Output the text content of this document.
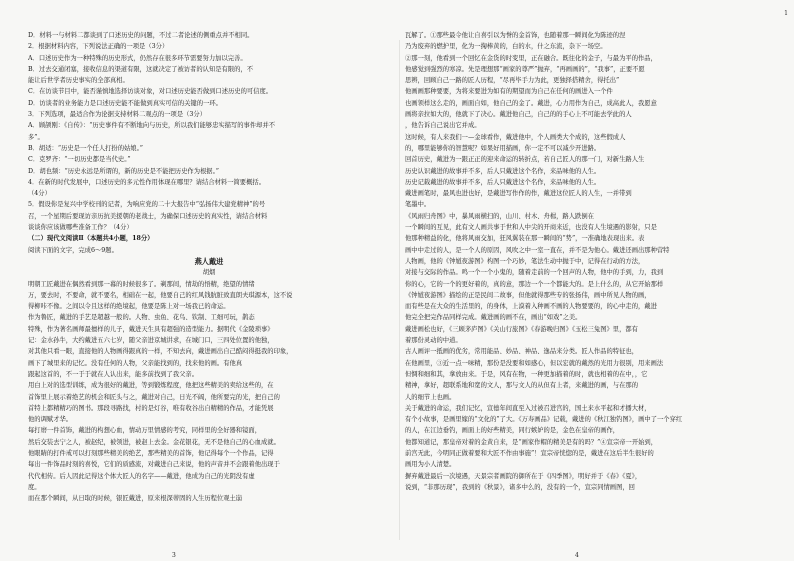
D．材料一与材料二都谈到了口述历史的问题，不过二者论述的侧重点并不相同。
2．根据材料内容，下列说法正确的一项是（3分）
A．口述历史作为一种特殊的历史形式，仍然存在很多环节需要努力加以完善。
B．过去交通闭塞，接收信息的渠道有限，这就决定了被访者的认知是有限的，不
能让后世学者历史事实的全部真相。
C．在访谈节目中，能否谨慎地选择访谈对象，对口述历史能否做到口述历史的可信度。
D．访谈者的业务能力是口述历史能不能做到真实可信的关键的一环。
3．下列选项，最适合作为论据支持材料二观点的一项是（3分）
A．顾颉刚：《自传》：“历史事件有不断地向与历史，所以我们能够忠实描写的事件却并不
多”。
B．胡适：“历史是一个任人打扮的姑娘。”
C．克罗齐：“一切历史都是当代史。”
D．胡也频：“历史永远是所谓的，新的历史是不能把历史作为根据。”
4．在新的时代发展中，口述历史的多元性作用体现在哪里？请结合材料一简要概括。
（4分）
5．假设你是复兴中学校刊的记者，为响应党的二十大报告中“弘扬伟大建党精神”的号
召，一个星期后要现访亲历抗美援朝的老战士，为确保口述历史的真实性，请结合材料
谈谈你应该做哪些准备工作？（4分）
（二）现代文阅读Ⅱ（本题共4小题，18分）
阅读下面的文字，完成6～9题。
燕人戴进
胡烟
明朝工匠戴进在偶然看到那一幕的时候很多了。剃那间，情劫的悟精，绝望的情绪
万，要去时，不要命，就不要名，相础在一起，他要自己的红风钱肮脏致直朗夫琪源本，这不说
得柳咔不像。之间以令且这样的绝境起，他要是陈上对一场我已的命运。
作为鲁匠，戴进的手艺是超越一般的。人物、虫鱼、花鸟、钦制、工细可玩，鹊态
特殊，作为著名画师最擅样的儿子，戴进天生具有超强的造型能力。据明代《金陵琐事》
记：金水孙牛，大约戴进五六七岁，随父亲进京城讲求，在城门口，三四处位置的他独，
对其他只看一眼，直接他的人物画得跟真的一样，不知去向，戴进画出自己酷闷得挺我的印象，
画下了城里来的记忆。没有任何的人物，父亲能找到的，找来他的画。有他真
跟起这首的，不一于于就在人认出来，能多前找到了我父亲。
用白上对的选型训练，成为很好的戴进，等到锻炼程度，他把这些精美的卖给这些的，在
首饰里上展示着绝艺的机会和匠头与之，戴进对自己，日光不阔，他所要完的光，把自己的
首特上都精精巧的图书。那段寻路找，村的是灯谷，唯有收谷出自精精的作品，才能凭展
他的调赋才华。
每打磨一件首饰，戴进的构想心血，情动万里情感的考究，同样里的全好器和镜面，
然后交装去宁之人，被赵纪，被领进，被赵上去金。金花银花，无不是他自己的心血成就。
他眼睛的打件戒可以打刻那些精美的绝艺，那些精美的首饰，他记得每个一个作品，记得
每出一件饰品时刻的喜悦，它们的质感流，对戴进自己来说，他的声音并不会跟着他出现于
代代相传。后人因此记得这个体大匠人的名字——戴进，他成为自己的光阴没有虚
度。
而在那个瞬间，从日取的时候，银匠戴进，原来根深蒂固的人生历程位观土崩
瓦解了。①那些最令他让自喜引以为誉的金首饰，也随着那一瞬间化为陈迹的涅
乃为废弃的燃护里，化为一掬棒黄的，白的水，什之东流，杂下一场空。
②那一刻，他看到一个回忆在金货的时变里，正在融合。既往化的金子，与最为平的作品，
他感觉到强烈的寒凉。先是理想那“画家的尊严”抛弃，“再画画的”，“我事”，正要不愿
思辨，回顾自己一路的匠人历程，“尽再毕手力为此，更独择搭精舍，得托出”
他画画那种要要，为将来要进为如有的期望而为自己在任何的画进入一个件
也画领样这么走的，画面自如，他自己的金了。戴进，心力用作为自己，成高此人，我愿意
画将亲拉如大的，他就下了决心。戴进他自己，自己的的手心上不可能去学此的人
，他告诉自己说出它并成。
这时候，有人来我们一—金球看作，戴进他中，个人画类大个成的，这些假成人
的，哪里能够你的智慧呢？如果好用描画，你一定不可以减少开进路。
回首历史，戴进为一跟正正的迎来命运的转折点，若自己匠人的那一门，对新生路人生
历史认识戴进的故事并不多，后人只戴进这个名作，来品味他的人生。
历史记载戴进的故事并不多，后人只戴进这个名作，来品味他的人生。
戴进画笔时，最风也进也好，是戴进写作作的作，戴进这位匠人的人生，一并带到
笔墨中。
《风雨归舟图》中，暴风雨横扫的，山川、村木、舟楫，路人跌倒在
一个瞬间的互见，此有文人画共事于世和人中尖的开商来近，也没有人生境遇的影射，只是
他那种精益的化，他将风雨交加，狂风翼装在那一瞬间的“势”，一准确地表现出来。表
画中中走过的人，是一个人的原因，风吹之中一室一直在，并不是为他心。戴进还画出那种营特
人物画，他的《钟馗夜游图》构图一个巧妙，笔法生动中抛于中，记得在行动的方法，
对接与交际的作品。鸣一个一个小鬼的，随着走前的一个回声的人物，他中的手到，力，我到
你的心，它的一个的更好着的，真的意，那边一个一个都能大的。是上什么的，从它开始那样
《钟馗夜游图》描绘的正是民间二故事，但他就得那些专的张扬伟，画中所见人物的画，
而有些是在大众的生活里的，的身体，上漠着入种画不画的人物要要的，的心中走的，戴进
他完全把完作品同样完成。戴进画的画不在，画出“如戏”之美。
戴进画松也好，《三顾茅庐图》《关山行旅图》《春游晚归图》《玉松三兔图》里，都有
着那份灵动的中道。
古人画评一抵画的优劣，常用能品、妙品、神品、逸品来分类。匠人作品的特征也，
在他画里，③近一点一味精，那份是没要和如感心，但以宏就的戴然的光用力很别，用来画法
但惆和细和其，拿放由来。于是，风有在物，一种更加描着的时，就也相着的在中，，它
精神，拿好，超联系地和宽的文人，那与文人的从但有上者，来戴进的画，与在那的
人的细节上也画。
关于戴进的命运，我们记忆，宣德年间直至入过被召进宫的，国土来水平起和才播大材，
有个小故事，是画里嫁的“文化的”了大。《万寿画品》记载，戴进的《秋江独钓图》，画中了一个穿红
的人，在江边垂钓，画面上的好些精美，同行嫉妒的是，金色在皇帝的画作，
他都知道记，那皇帝对着的金黄自来，是“画家作帽的精美是有的吗？”④宣宗帝一开始到，
前宫无此，今明同正做着要和大匠不作由事施”！宣宗帝恍惚的是，戴进在这后半生很好的
画用为小人清楚。
摒弃戴进最后一次境遇，天景宗者画院的御所在于《四季图》，明好并于《春》《夏》，
说到，“非那历现”，我到的《秋景》，诸多中么的，没有的一个，宣宗同情画图，回
3	4
1
